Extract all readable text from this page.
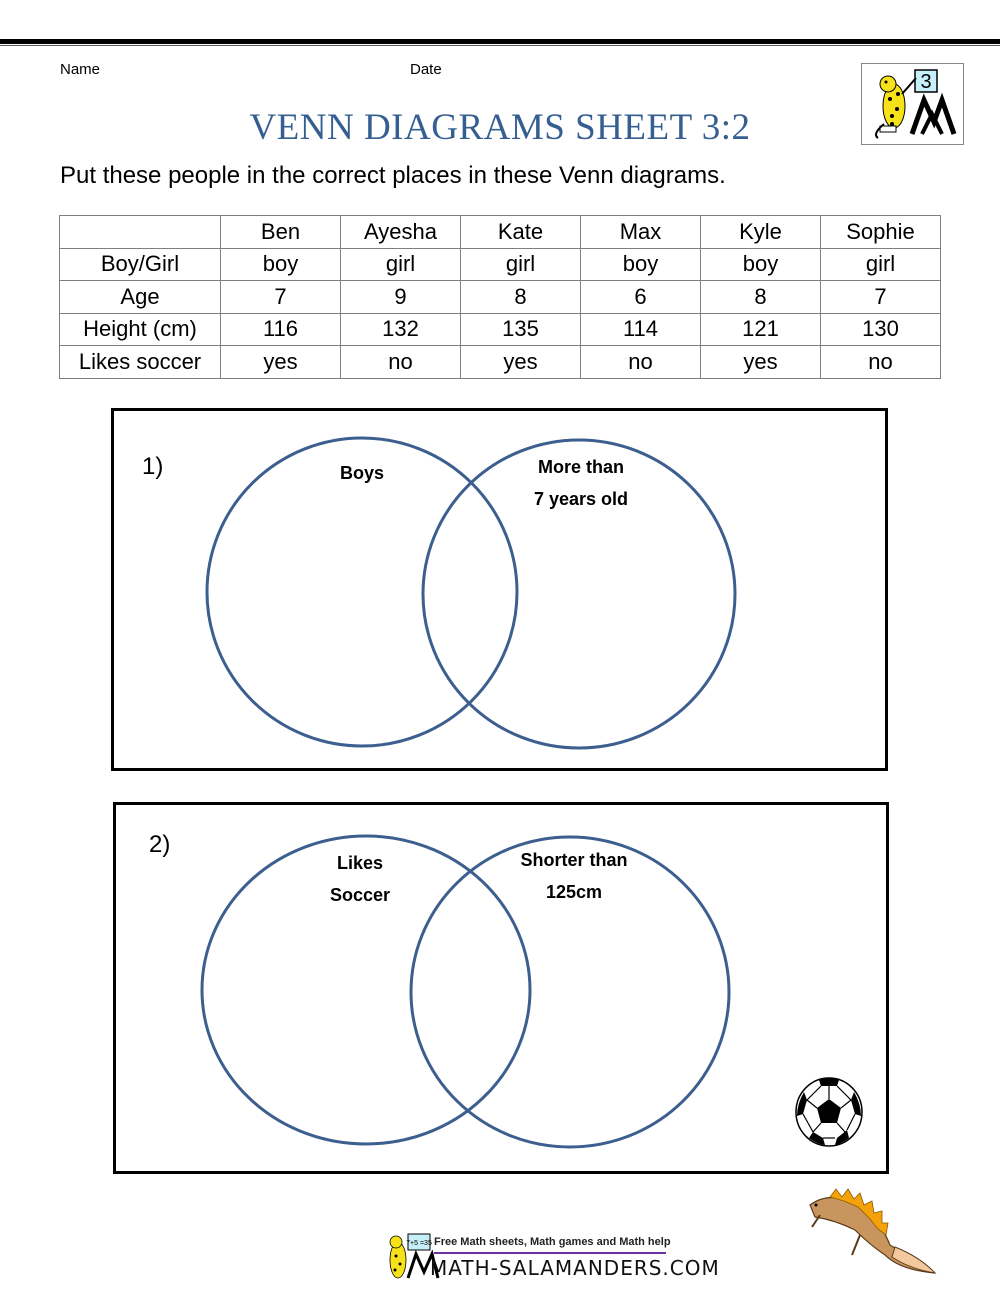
Name	Date
3
VENN DIAGRAMS SHEET 3:2
Put these people in the correct places in these Venn diagrams.
	Ben	Ayesha	Kate	Max	Kyle	Sophie
Boy/Girl	boy	girl	girl	boy	boy	girl
Age	7	9	8	6	8	7
Height (cm)	116	132	135	114	121	130
Likes soccer	yes	no	yes	no	yes	no
1)	Boys	More than
7 years old
2)
Likes
Soccer
Shorter than
125cm
7+5 =35 Free Math sheets, Math games and Math help
MATH-SALAMANDERS.COM
